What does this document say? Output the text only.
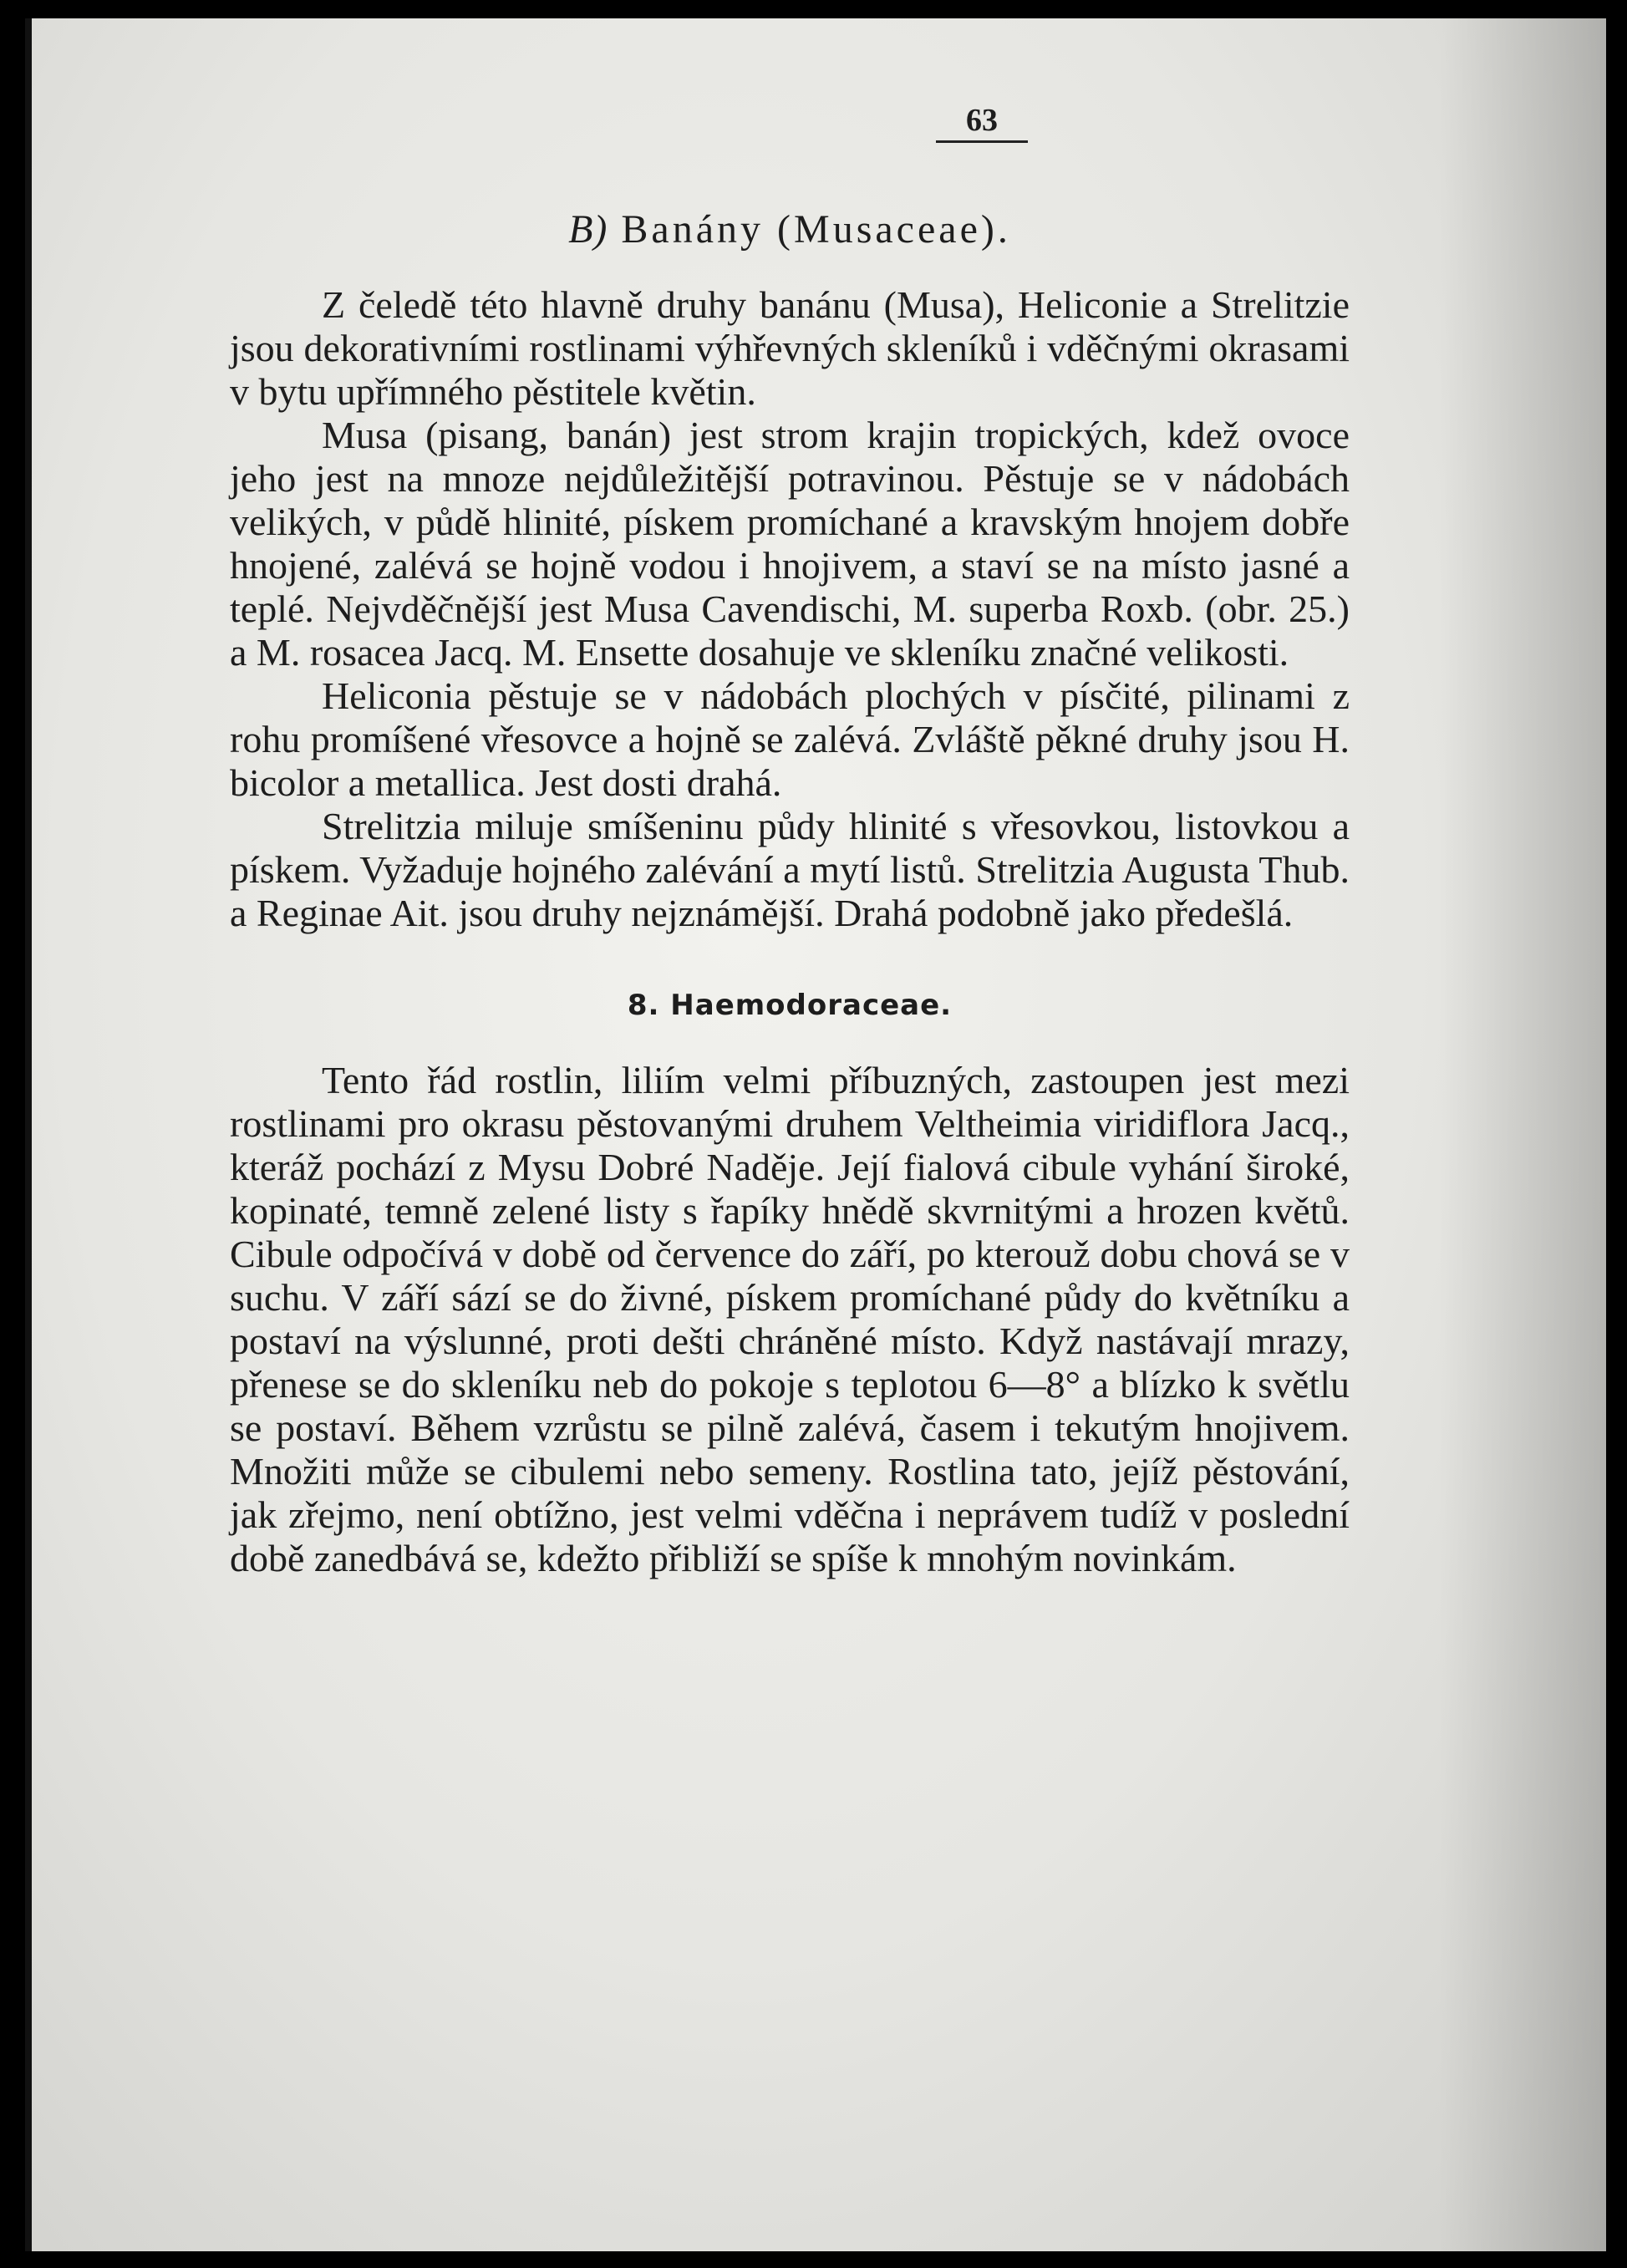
63
B) Banány (Musaceae).

Z čeledě této hlavně druhy banánu (Musa), Heliconie a Strelitzie jsou dekorativními rostlinami výhřevných skleníků i vděčnými okrasami v bytu upřímného pěstitele květin.

Musa (pisang, banán) jest strom krajin tropických, kdež ovoce jeho jest na mnoze nejdůležitější potravinou. Pěstuje se v nádobách velikých, v půdě hlinité, pískem promíchané a kravským hnojem dobře hnojené, zalévá se hojně vodou i hnojivem, a staví se na místo jasné a teplé. Nejvděčnější jest Musa Cavendischi, M. superba Roxb. (obr. 25.) a M. rosacea Jacq. M. Ensette dosahuje ve skleníku značné velikosti.

Heliconia pěstuje se v nádobách plochých v písčité, pilinami z rohu promíšené vřesovce a hojně se zalévá. Zvláště pěkné druhy jsou H. bicolor a metallica. Jest dosti drahá.

Strelitzia miluje smíšeninu půdy hlinité s vřesovkou, listovkou a pískem. Vyžaduje hojného zalévání a mytí listů. Strelitzia Augusta Thub. a Reginae Ait. jsou druhy nejznámější. Drahá podobně jako předešlá.

8. Haemodoraceae.

Tento řád rostlin, liliím velmi příbuzných, zastoupen jest mezi rostlinami pro okrasu pěstovanými druhem Veltheimia viridiflora Jacq., kteráž pochází z Mysu Dobré Naděje. Její fialová cibule vyhání široké, kopinaté, temně zelené listy s řapíky hnědě skvrnitými a hrozen květů. Cibule odpočívá v době od července do září, po kterouž dobu chová se v suchu. V září sází se do živné, pískem promíchané půdy do květníku a postaví na výslunné, proti dešti chráněné místo. Když nastávají mrazy, přenese se do skleníku neb do pokoje s teplotou 6—8° a blízko k světlu se postaví. Během vzrůstu se pilně zalévá, časem i tekutým hnojivem. Množiti může se cibulemi nebo semeny. Rostlina tato, jejíž pěstování, jak zřejmo, není obtížno, jest velmi vděčna i neprávem tudíž v poslední době zanedbává se, kdežto přibliží se spíše k mnohým novinkám.
